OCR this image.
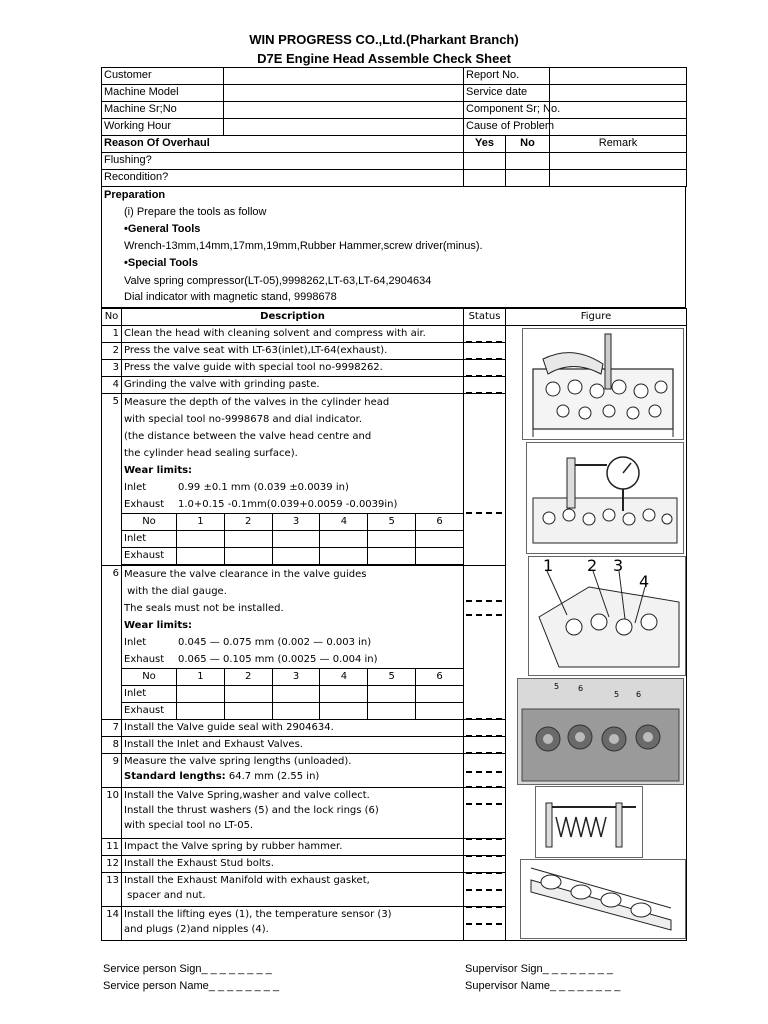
WIN PROGRESS CO.,Ltd.(Pharkant Branch)
D7E Engine Head Assemble Check Sheet
Customer		Report No.		
Machine Model		Service date		
Machine Sr;No		Component Sr; No.		
Working Hour		Cause of Problem		
Reason Of Overhaul		Yes	No	Remark
Flushing?				
Recondition?				
Preparation
(i) Prepare the tools as follow
•General Tools
Wrench-13mm,14mm,17mm,19mm,Rubber Hammer,screw driver(minus).
•Special Tools
Valve spring compressor(LT-05),9998262,LT-63,LT-64,2904634
Dial indicator with magnetic stand, 9998678
No	Description	Status	Figure
1	Clean the head with cleaning solvent and compress with air.		
2	Press the valve seat with LT-63(inlet),LT-64(exhaust).	
3	Press the valve guide with special tool no-9998262.	
4	Grinding the valve with grinding paste.	
5	Measure the depth of the valves in the cylinder head
with special tool no-9998678 and dial indicator.
(the distance between the valve head centre and
the cylinder head sealing surface).
Wear limits:
Inlet	0.99 ±0.1 mm (0.039 ±0.0039 in)
Exhaust 1.0+0.15 -0.1mm(0.039+0.0059 -0.0039in)
No	1	2	3	4	5	6
Inlet						
Exhaust						

6	Measure the valve clearance in the valve guides
with the dial gauge.
The seals must not be installed.
Wear limits:
Inlet	0.045 — 0.075 mm (0.002 — 0.003 in)
Exhaust 0.065 — 0.105 mm (0.0025 — 0.004 in)
No	1	2	3	4	5	6
Inlet						
Exhaust						

7	Install the Valve guide seal with 2904634.	
8	Install the Inlet and Exhaust Valves.	
9	Measure the valve spring lengths (unloaded).
Standard lengths: 64.7 mm (2.55 in)

10	Install the Valve Spring,washer and valve collect.
Install the thrust washers (5) and the lock rings (6)
with special tool no LT-05.

11	Impact the Valve spring by rubber hammer.	
12	Install the Exhaust Stud bolts.	
13	Install the Exhaust Manifold with exhaust gasket,
spacer and nut.

14	Install the lifting eyes (1), the temperature sensor (3)
and plugs (2)and nipples (4).

1 2 3
4
5 6
5 6
Service person Sign_ _ _ _ _ _ _ _
Service person Name_ _ _ _ _ _ _ _
Supervisor Sign_ _ _ _ _ _ _ _
Supervisor Name_ _ _ _ _ _ _ _
